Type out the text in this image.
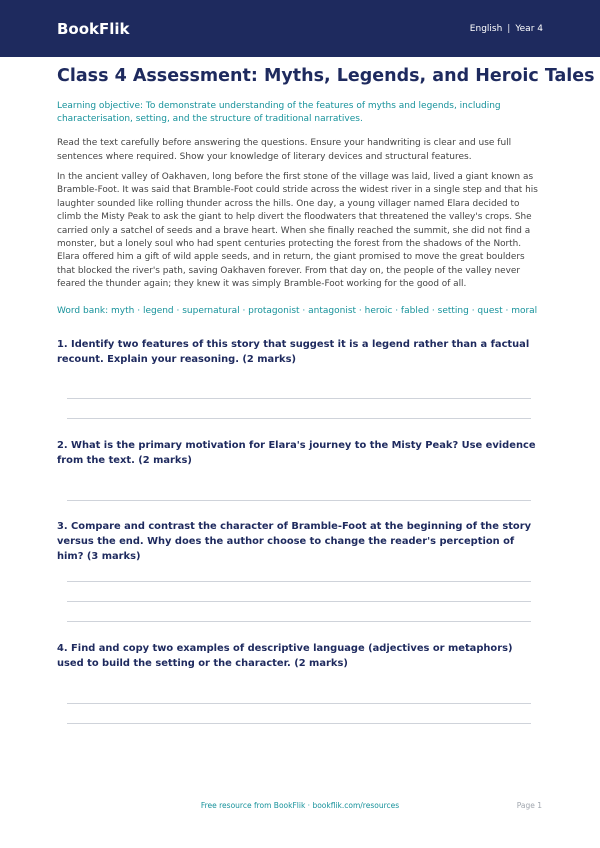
BookFlik	English | Year 4
Class 4 Assessment: Myths, Legends, and Heroic Tales

Learning objective: To demonstrate understanding of the features of myths and legends, including characterisation, setting, and the structure of traditional narratives.

Read the text carefully before answering the questions. Ensure your handwriting is clear and use full sentences where required. Show your knowledge of literary devices and structural features.

In the ancient valley of Oakhaven, long before the first stone of the village was laid, lived a giant known as Bramble-Foot. It was said that Bramble-Foot could stride across the widest river in a single step and that his laughter sounded like rolling thunder across the hills. One day, a young villager named Elara decided to climb the Misty Peak to ask the giant to help divert the floodwaters that threatened the valley's crops. She carried only a satchel of seeds and a brave heart. When she finally reached the summit, she did not find a monster, but a lonely soul who had spent centuries protecting the forest from the shadows of the North. Elara offered him a gift of wild apple seeds, and in return, the giant promised to move the great boulders that blocked the river's path, saving Oakhaven forever. From that day on, the people of the valley never feared the thunder again; they knew it was simply Bramble-Foot working for the good of all.

Word bank: myth · legend · supernatural · protagonist · antagonist · heroic · fabled · setting · quest · moral

1. Identify two features of this story that suggest it is a legend rather than a factual recount. Explain your reasoning. (2 marks)

2. What is the primary motivation for Elara's journey to the Misty Peak? Use evidence from the text. (2 marks)

3. Compare and contrast the character of Bramble-Foot at the beginning of the story versus the end. Why does the author choose to change the reader's perception of him? (3 marks)

4. Find and copy two examples of descriptive language (adjectives or metaphors) used to build the setting or the character. (2 marks)

Free resource from BookFlik · bookflik.com/resources	Page 1
